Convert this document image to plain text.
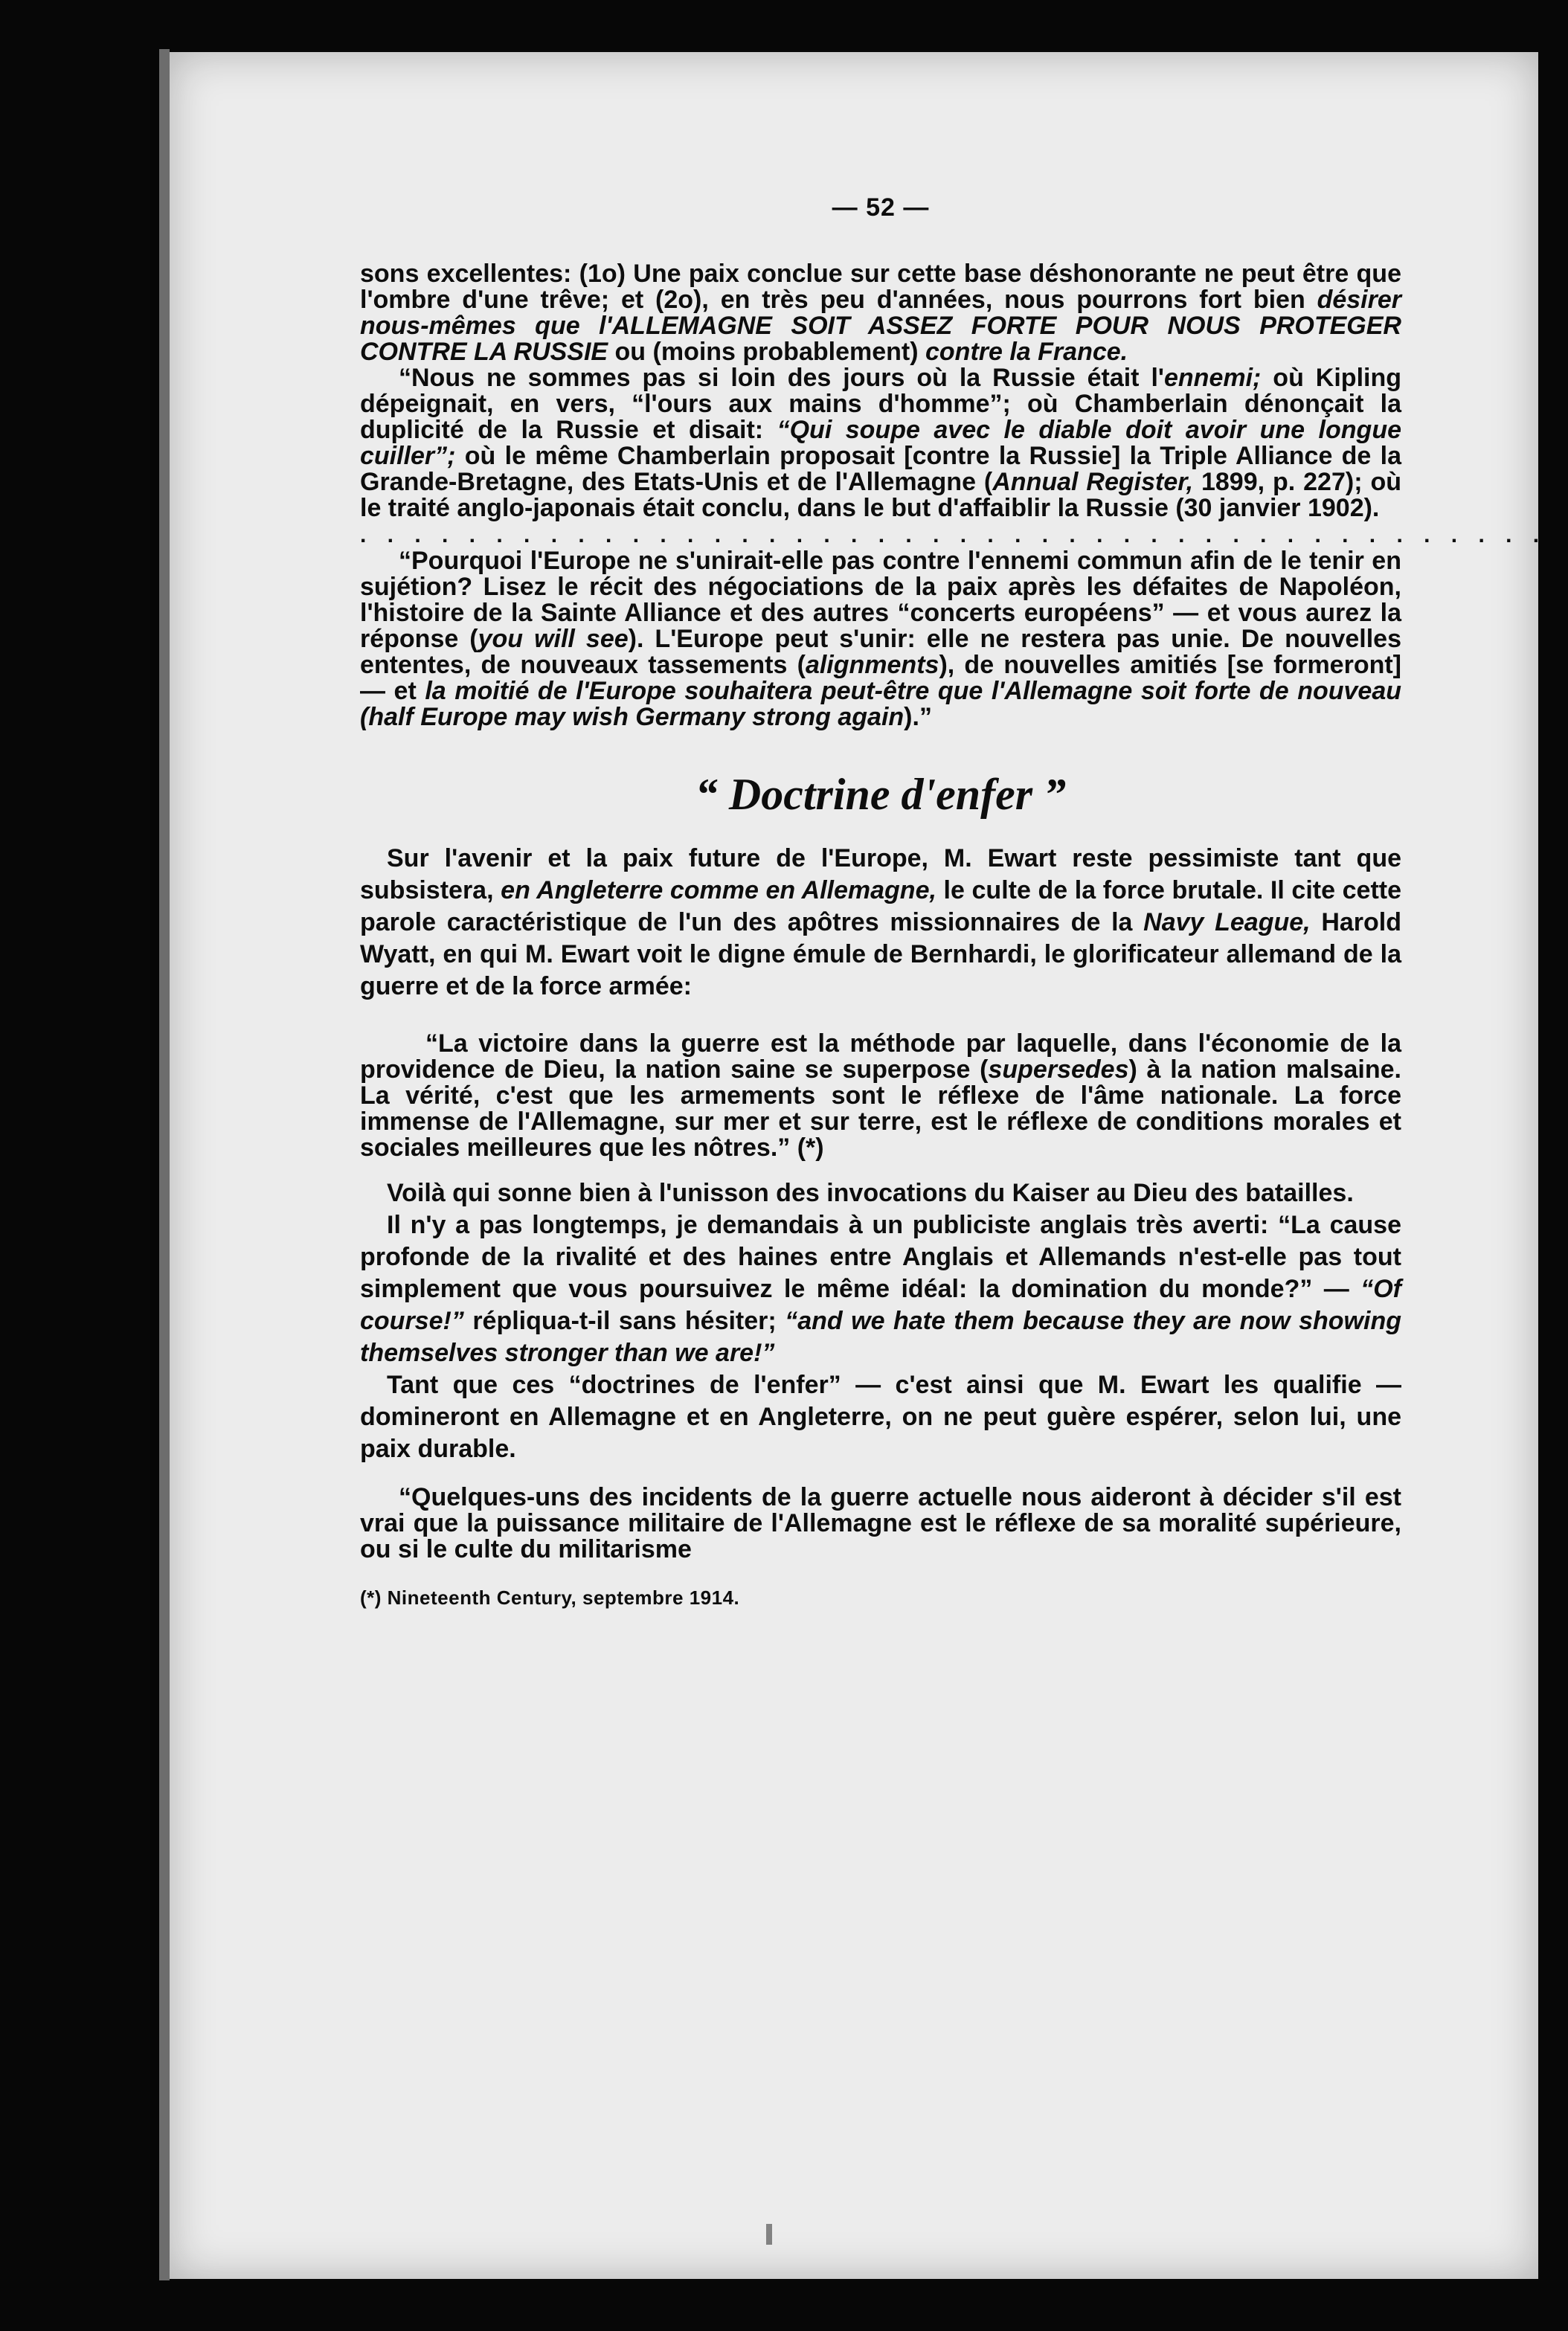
— 52 —

sons excellentes: (1o) Une paix conclue sur cette base déshonorante ne peut être que l'ombre d'une trêve; et (2o), en très peu d'années, nous pourrons fort bien désirer nous-mêmes que l'ALLEMAGNE SOIT ASSEZ FORTE POUR NOUS PROTEGER CONTRE LA RUSSIE ou (moins probablement) contre la France.

“Nous ne sommes pas si loin des jours où la Russie était l'ennemi; où Kipling dépeignait, en vers, “l'ours aux mains d'homme”; où Chamberlain dénonçait la duplicité de la Russie et disait: “Qui soupe avec le diable doit avoir une longue cuiller”; où le même Chamberlain proposait [contre la Russie] la Triple Alliance de la Grande-Bretagne, des Etats-Unis et de l'Allemagne (Annual Register, 1899, p. 227); où le traité anglo-japonais était conclu, dans le but d'affaiblir la Russie (30 janvier 1902).

. . . . . . . . . . . . . . . . . . . . . . . . . . . . . . . . . . . . . . . . . . . .

“Pourquoi l'Europe ne s'unirait-elle pas contre l'ennemi commun afin de le tenir en sujétion? Lisez le récit des négociations de la paix après les défaites de Napoléon, l'histoire de la Sainte Alliance et des autres “concerts européens” — et vous aurez la réponse (you will see). L'Europe peut s'unir: elle ne restera pas unie. De nouvelles ententes, de nouveaux tassements (alignments), de nouvelles amitiés [se formeront] — et la moitié de l'Europe souhaitera peut-être que l'Allemagne soit forte de nouveau (half Europe may wish Germany strong again).”

“ Doctrine d'enfer ”

Sur l'avenir et la paix future de l'Europe, M. Ewart reste pessimiste tant que subsistera, en Angleterre comme en Allemagne, le culte de la force brutale. Il cite cette parole caractéristique de l'un des apôtres missionnaires de la Navy League, Harold Wyatt, en qui M. Ewart voit le digne émule de Bernhardi, le glorificateur allemand de la guerre et de la force armée:

“La victoire dans la guerre est la méthode par laquelle, dans l'économie de la providence de Dieu, la nation saine se superpose (supersedes) à la nation malsaine. La vérité, c'est que les armements sont le réflexe de l'âme nationale. La force immense de l'Allemagne, sur mer et sur terre, est le réflexe de conditions morales et sociales meilleures que les nôtres.” (*)

Voilà qui sonne bien à l'unisson des invocations du Kaiser au Dieu des batailles.

Il n'y a pas longtemps, je demandais à un publiciste anglais très averti: “La cause profonde de la rivalité et des haines entre Anglais et Allemands n'est-elle pas tout simplement que vous poursuivez le même idéal: la domination du monde?” — “Of course!” répliqua-t-il sans hésiter; “and we hate them because they are now showing themselves stronger than we are!”

Tant que ces “doctrines de l'enfer” — c'est ainsi que M. Ewart les qualifie — domineront en Allemagne et en Angleterre, on ne peut guère espérer, selon lui, une paix durable.

“Quelques-uns des incidents de la guerre actuelle nous aideront à décider s'il est vrai que la puissance militaire de l'Allemagne est le réflexe de sa moralité supérieure, ou si le culte du militarisme

(*) Nineteenth Century, septembre 1914.
